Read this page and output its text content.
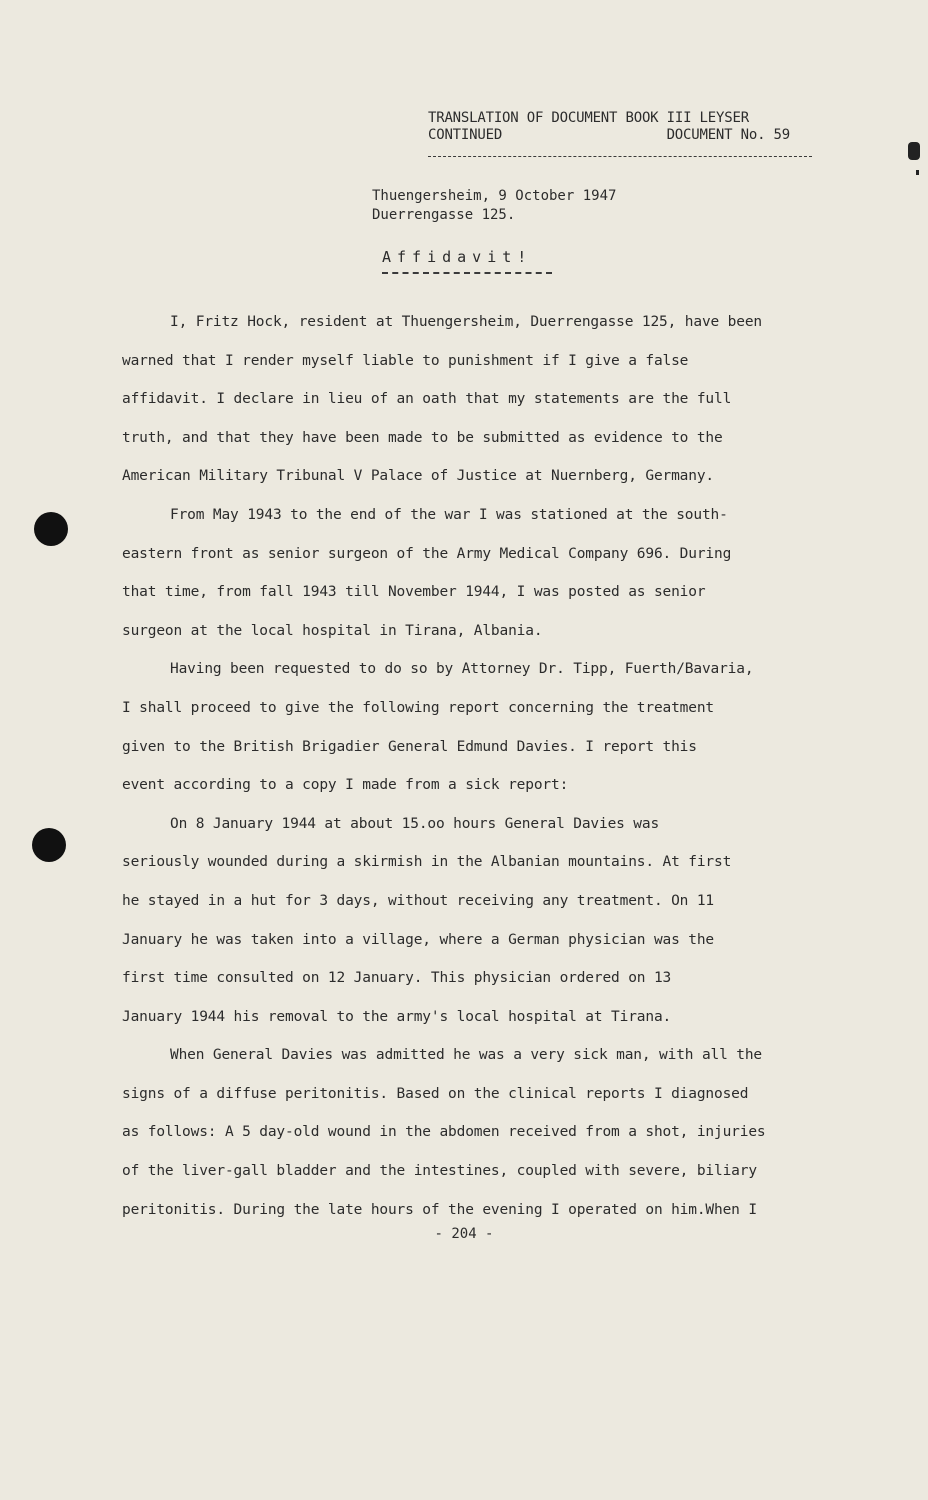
TRANSLATION OF DOCUMENT BOOK III LEYSER
CONTINUED	DOCUMENT No. 59
Thuengersheim, 9 October 1947
Duerrengasse 125.
Affidavit!
I, Fritz Hock, resident at Thuengersheim, Duerrengasse 125, have been
warned that I render myself liable to punishment if I give a false
affidavit. I declare in lieu of an oath that my statements are the full
truth, and that they have been made to be submitted as evidence to the
American Military Tribunal V Palace of Justice at Nuernberg, Germany.
From May 1943 to the end of the war I was stationed at the south-
eastern front as senior surgeon of the Army Medical Company 696. During
that time, from fall 1943 till November 1944, I was posted as senior
surgeon at the local hospital in Tirana, Albania.
Having been requested to do so by Attorney Dr. Tipp, Fuerth/Bavaria,
I shall proceed to give the following report concerning the treatment
given to the British Brigadier General Edmund Davies. I report this
event according to a copy I made from a sick report:
On 8 January 1944 at about 15.oo hours General Davies was
seriously wounded during a skirmish in the Albanian mountains. At first
he stayed in a hut for 3 days, without receiving any treatment. On 11
January he was taken into a village, where a German physician was the
first time consulted on 12 January. This physician ordered on 13
January 1944 his removal to the army's local hospital at Tirana.
When General Davies was admitted he was a very sick man, with all the
signs of a diffuse peritonitis. Based on the clinical reports I diagnosed
as follows: A 5 day-old wound in the abdomen received from a shot, injuries
of the liver-gall bladder and the intestines, coupled with severe, biliary
peritonitis. During the late hours of the evening I operated on him.When I
- 204 -
